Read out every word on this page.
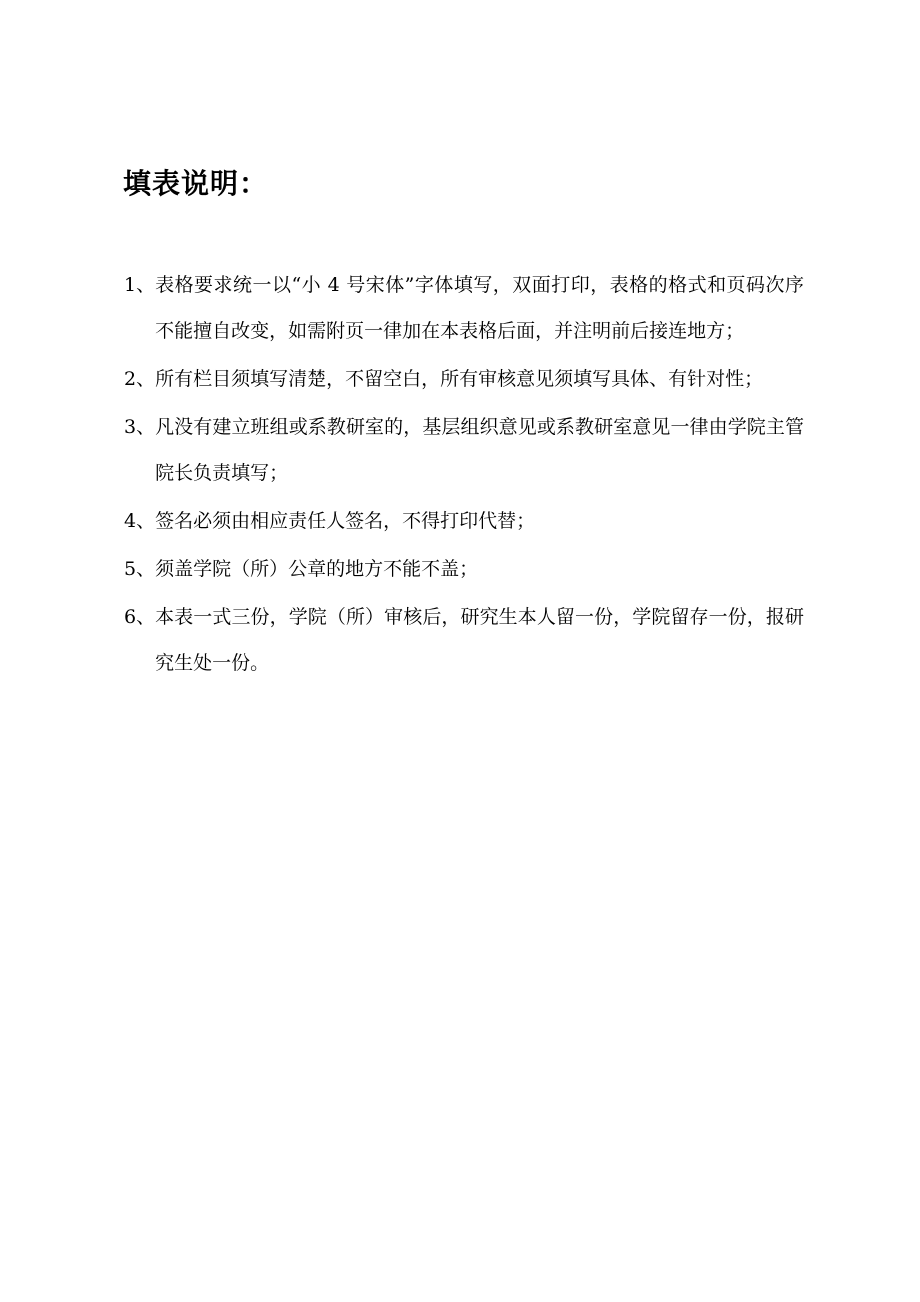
填表说明：
1、 表格要求统一以“小 4 号宋体”字体填写，双面打印，表格的格式和页码次序不能擅自改变，如需附页一律加在本表格后面，并注明前后接连地方；
2、 所有栏目须填写清楚，不留空白，所有审核意见须填写具体、有针对性；
3、 凡没有建立班组或系教研室的，基层组织意见或系教研室意见一律由学院主管院长负责填写；
4、 签名必须由相应责任人签名，不得打印代替；
5、 须盖学院（所）公章的地方不能不盖；
6、 本表一式三份，学院（所）审核后，研究生本人留一份，学院留存一份，报研究生处一份。
